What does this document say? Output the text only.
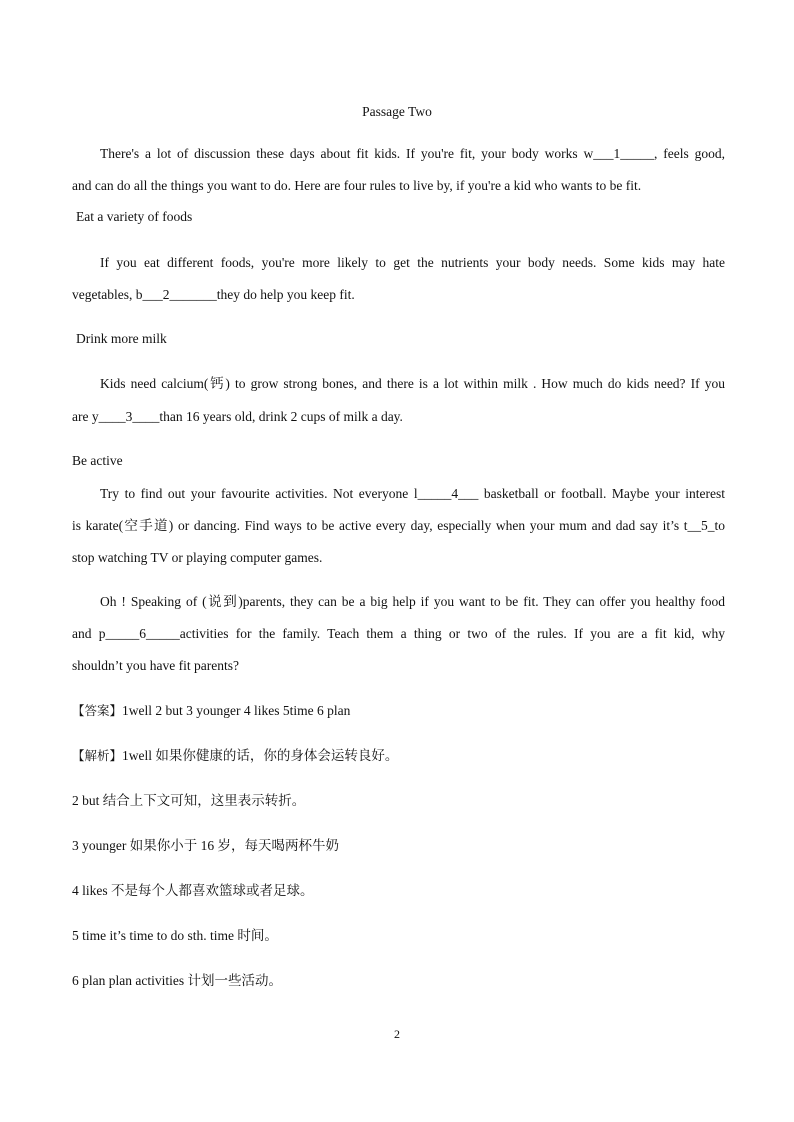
Passage Two
There's a lot of discussion these days about fit kids. If you're fit, your body works w___1_____, feels good,
and can do all the things you want to do. Here are four rules to live by, if you're a kid who wants to be fit.
Eat a variety of foods
If you eat different foods, you're more likely to get the nutrients your body needs. Some kids may hate
vegetables, b___2_______they do help you keep fit.
Drink more milk
Kids need calcium(钙) to grow strong bones, and there is a lot within milk . How much do kids need? If you
are y____3____than 16 years old, drink 2 cups of milk a day.
Be active
Try to find out your favourite activities. Not everyone l_____4___ basketball or football. Maybe your interest
is karate(空手道) or dancing. Find ways to be active every day, especially when your mum and dad say it’s t__5_to
stop watching TV or playing computer games.
Oh ! Speaking of (说到)parents, they can be a big help if you want to be fit. They can offer you healthy food
and p_____6_____activities for the family. Teach them a thing or two of the rules. If you are a fit kid, why
shouldn’t you have fit parents?
【答案】1well 2 but 3 younger 4 likes 5time 6 plan
【解析】1well 如果你健康的话，你的身体会运转良好。
2 but 结合上下文可知，这里表示转折。
3 younger 如果你小于 16 岁，每天喝两杯牛奶
4 likes 不是每个人都喜欢篮球或者足球。
5 time it’s time to do sth. time 时间。
6 plan plan activities 计划一些活动。
2
